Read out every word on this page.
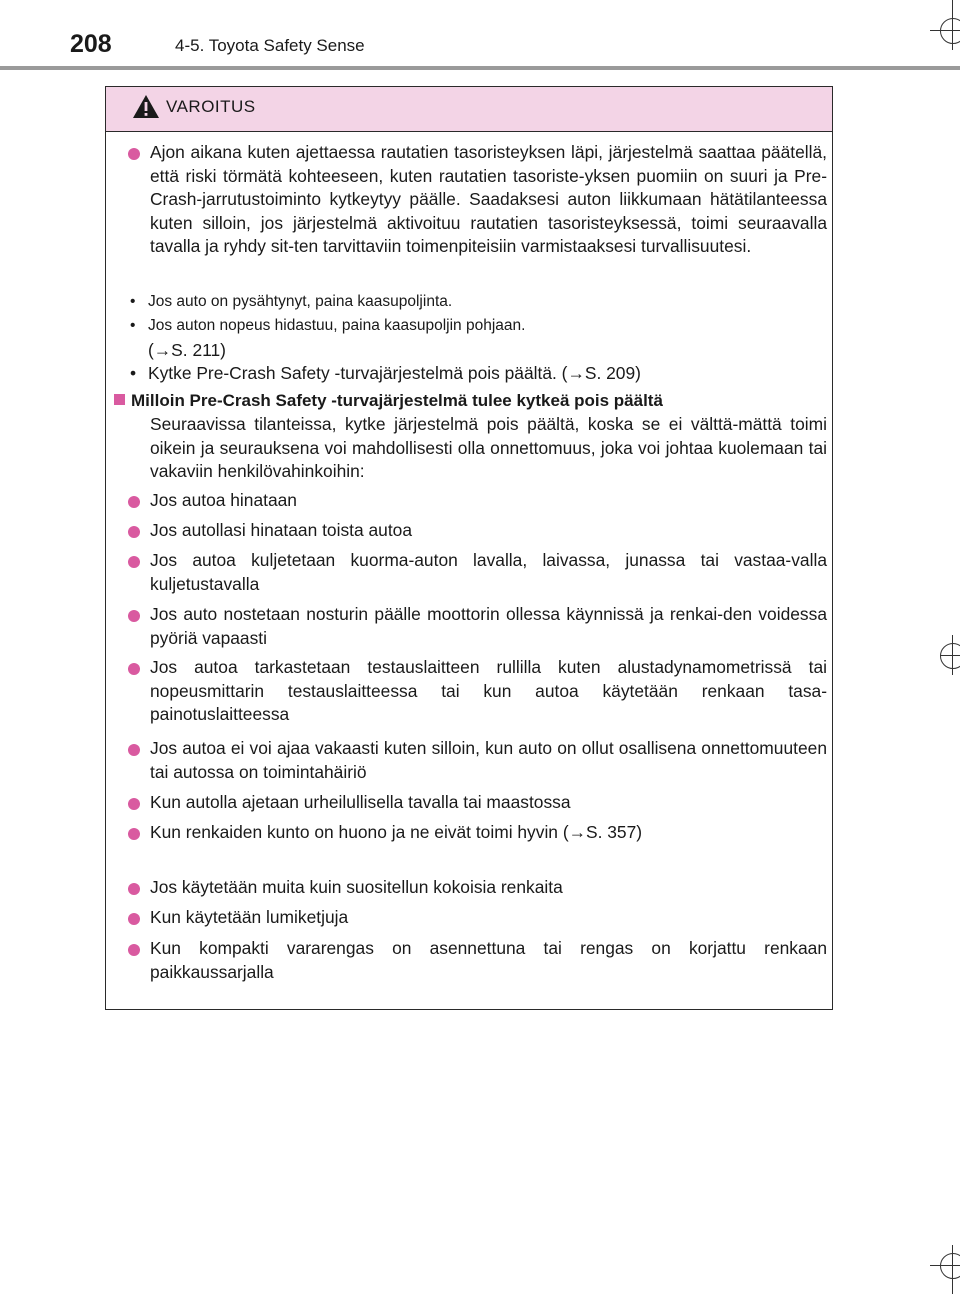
208	4-5. Toyota Safety Sense
VAROITUS
Ajon aikana kuten ajettaessa rautatien tasoristeyksen läpi, järjestelmä saattaa päätellä, että riski törmätä kohteeseen, kuten rautatien tasoriste-yksen puomiin on suuri ja Pre-Crash-jarrutustoiminto kytkeytyy päälle. Saadaksesi auton liikkumaan hätätilanteessa kuten silloin, jos järjestelmä aktivoituu rautatien tasoristeyksessä, toimi seuraavalla tavalla ja ryhdy sit-ten tarvittaviin toimenpiteisiin varmistaaksesi turvallisuutesi.
• Jos auto on pysähtynyt, paina kaasupoljinta.
• Jos auton nopeus hidastuu, paina kaasupoljin pohjaan.
(→S. 211)
• Kytke Pre-Crash Safety -turvajärjestelmä pois päältä. (→S. 209)
Milloin Pre-Crash Safety -turvajärjestelmä tulee kytkeä pois päältä
Seuraavissa tilanteissa, kytke järjestelmä pois päältä, koska se ei välttä-mättä toimi oikein ja seurauksena voi mahdollisesti olla onnettomuus, joka voi johtaa kuolemaan tai vakaviin henkilövahinkoihin:
Jos autoa hinataan
Jos autollasi hinataan toista autoa
Jos autoa kuljetetaan kuorma-auton lavalla, laivassa, junassa tai vastaa-valla kuljetustavalla
Jos auto nostetaan nosturin päälle moottorin ollessa käynnissä ja renkai-den voidessa pyöriä vapaasti
Jos autoa tarkastetaan testauslaitteen rullilla kuten alustadynamometrissä tai nopeusmittarin testauslaitteessa tai kun autoa käytetään renkaan tasa-painotuslaitteessa
Jos autoa ei voi ajaa vakaasti kuten silloin, kun auto on ollut osallisena onnettomuuteen tai autossa on toimintahäiriö
Kun autolla ajetaan urheilullisella tavalla tai maastossa
Kun renkaiden kunto on huono ja ne eivät toimi hyvin (→S. 357)
Jos käytetään muita kuin suositellun kokoisia renkaita
Kun käytetään lumiketjuja
Kun kompakti vararengas on asennettuna tai rengas on korjattu renkaan paikkaussarjalla
